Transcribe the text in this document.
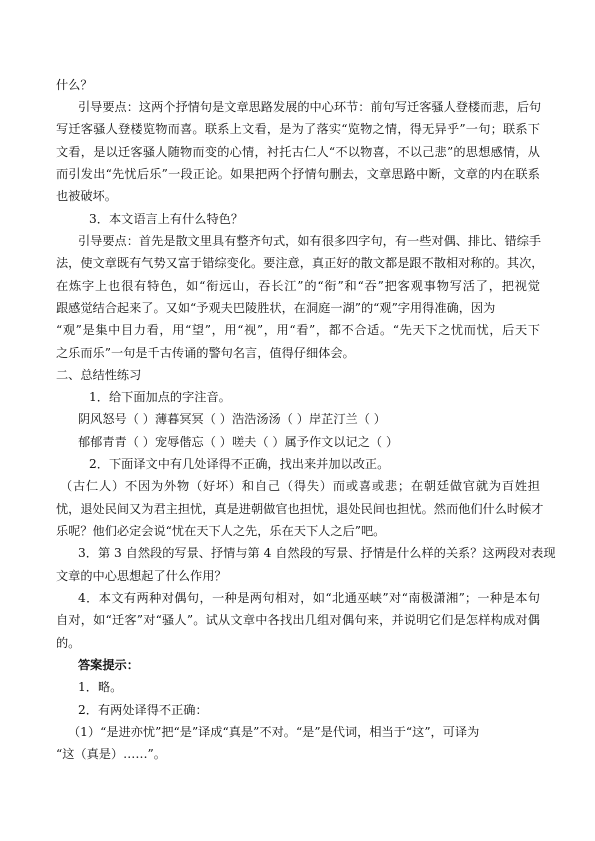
什么？
引导要点：这两个抒情句是文章思路发展的中心环节：前句写迁客骚人登楼而悲，后句
写迁客骚人登楼览物而喜。联系上文看，是为了落实“览物之情，得无异乎”一句；联系下
文看，是以迁客骚人随物而变的心情，衬托古仁人“不以物喜，不以己悲”的思想感情，从
而引发出“先忧后乐”一段正论。如果把两个抒情句删去，文章思路中断，文章的内在联系
也被破坏。
3．本文语言上有什么特色？
引导要点：首先是散文里具有整齐句式，如有很多四字句，有一些对偶、排比、错综手
法，使文章既有气势又富于错综变化。要注意，真正好的散文都是跟不散相对称的。其次，
在炼字上也很有特色，如“衔远山，吞长江”的“衔”和“吞”把客观事物写活了，把视觉
跟感觉结合起来了。又如“予观夫巴陵胜状，在洞庭一湖”的“观”字用得准确，因为
“观”是集中目力看，用“望”，用“视”，用“看”，都不合适。“先天下之忧而忧，后天下
之乐而乐”一句是千古传诵的警句名言，值得仔细体会。
二、总结性练习
1．给下面加点的字注音。
阴风怒号（ ）薄暮冥冥（ ）浩浩汤汤（ ）岸芷汀兰（ ）
郁郁青青（ ）宠辱偕忘（ ）嗟夫（ ）属予作文以记之（ ）
2．下面译文中有几处译得不正确，找出来并加以改正。
（古仁人）不因为外物（好坏）和自己（得失）而或喜或悲；在朝廷做官就为百姓担
忧，退处民间又为君主担忧，真是进朝做官也担忧，退处民间也担忧。然而他们什么时候才
乐呢？他们必定会说“忧在天下人之先，乐在天下人之后”吧。
3．第 3 自然段的写景、抒情与第 4 自然段的写景、抒情是什么样的关系？这两段对表现
文章的中心思想起了什么作用？
4．本文有两种对偶句，一种是两句相对，如“北通巫峡”对“南极潇湘”；一种是本句
自对，如“迁客”对“骚人”。试从文章中各找出几组对偶句来，并说明它们是怎样构成对偶
的。
答案提示：
1．略。
2．有两处译得不正确：
（1）“是进亦忧”把“是”译成“真是”不对。“是”是代词，相当于“这”，可译为
“这（真是）……”。
